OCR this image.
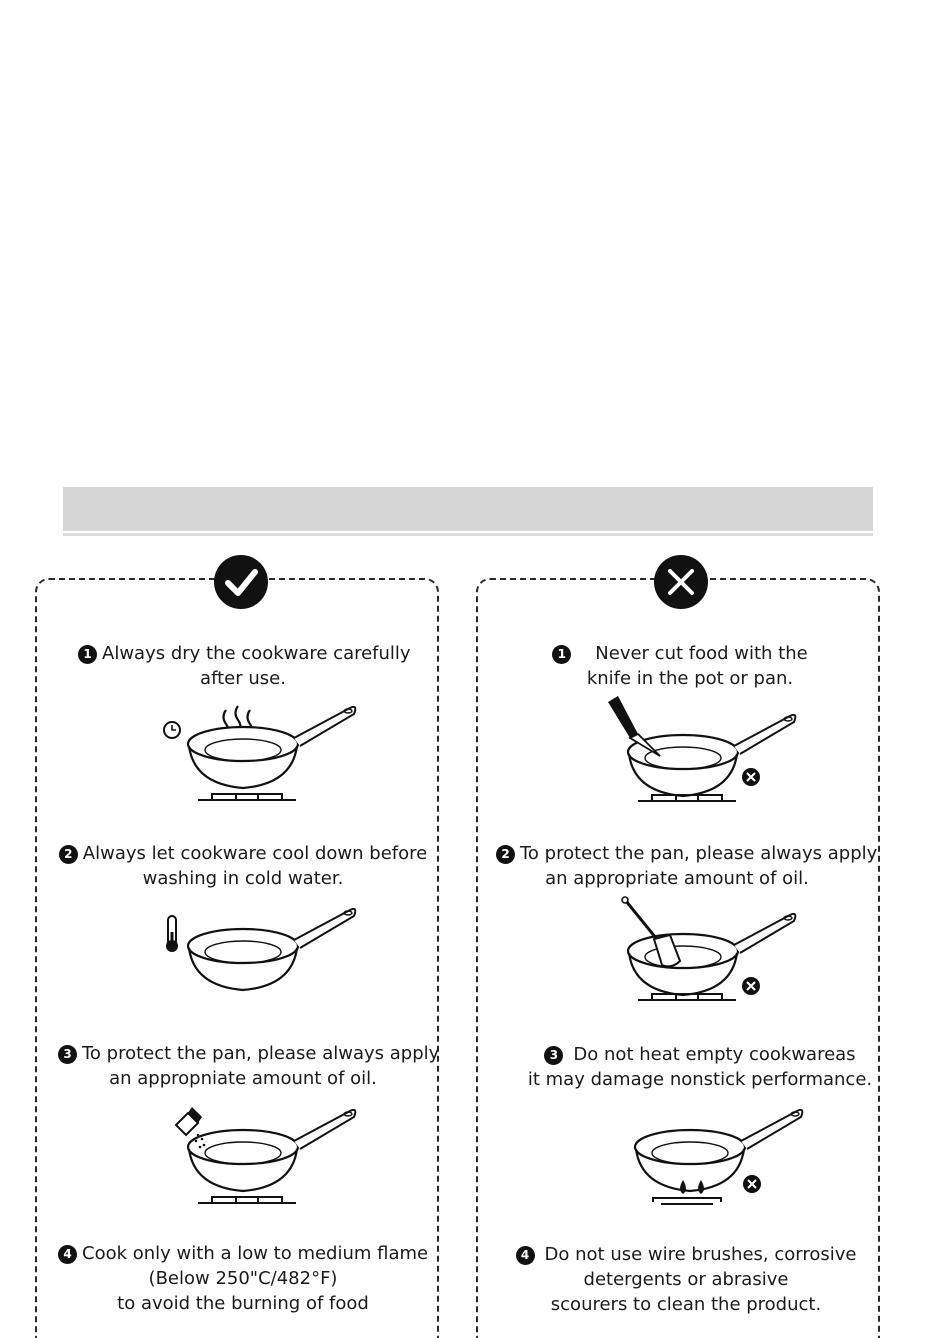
1 Always dry the cookware carefully
after use.
2 Always let cookware cool down before
washing in cold water.
3 To protect the pan, please always apply
an appropniate amount of oil.
4 Cook only with a low to medium flame
(Below 250"C/482°F)
to avoid the burning of food
1 Never cut food with the
knife in the pot or pan.
2 To protect the pan, please always apply
an appropriate amount of oil.
3 Do not heat empty cookwareas
it may damage nonstick performance.
4 Do not use wire brushes, corrosive
detergents or abrasive
scourers to clean the product.
